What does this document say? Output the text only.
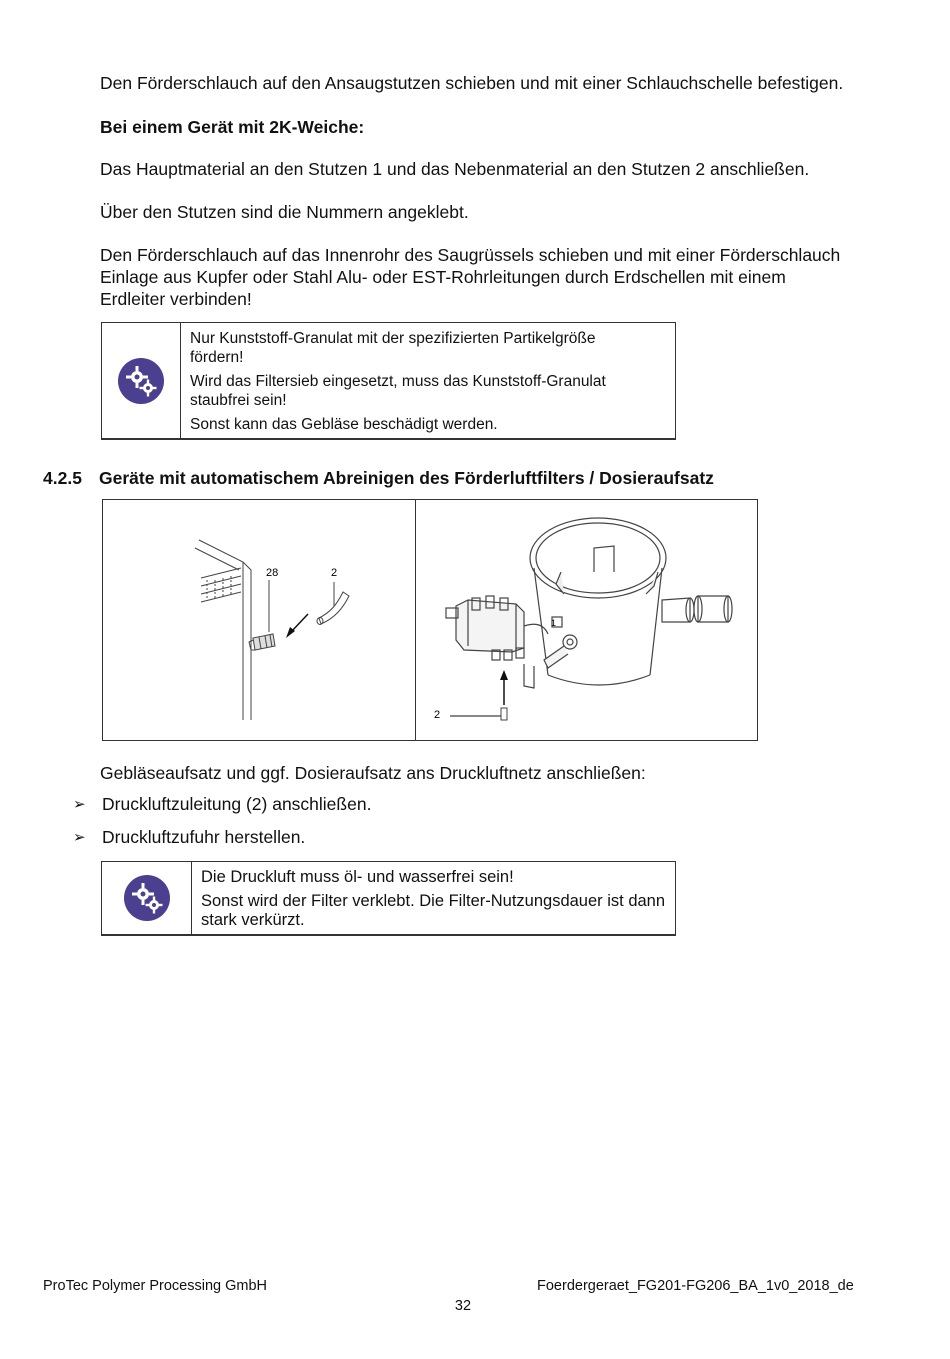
Den Förderschlauch auf den Ansaugstutzen schieben und mit einer Schlauchschelle befestigen.

Bei einem Gerät mit 2K-Weiche:

Das Hauptmaterial an den Stutzen 1 und das Nebenmaterial an den Stutzen 2 anschließen.

Über den Stutzen sind die Nummern angeklebt.

Den Förderschlauch auf das Innenrohr des Saugrüssels schieben und mit einer Förderschlauch
Einlage aus Kupfer oder Stahl Alu- oder EST-Rohrleitungen durch Erdschellen mit einem
Erdleiter verbinden!

Nur Kunststoff-Granulat mit der spezifizierten Partikelgröße
fördern!

Wird das Filtersieb eingesetzt, muss das Kunststoff-Granulat
staubfrei sein!

Sonst kann das Gebläse beschädigt werden.

4.2.5 Geräte mit automatischem Abreinigen des Förderluftfilters / Dosieraufsatz
28	2
1
2

Gebläseaufsatz und ggf. Dosieraufsatz ans Druckluftnetz anschließen:

➢ Druckluftzuleitung (2) anschließen.
➢ Druckluftzufuhr herstellen.
Die Druckluft muss öl- und wasserfrei sein!
Sonst wird der Filter verklebt. Die Filter-Nutzungsdauer ist dann
stark verkürzt.
ProTec Polymer Processing GmbH	Foerdergeraet_FG201-FG206_BA_1v0_2018_de
32
